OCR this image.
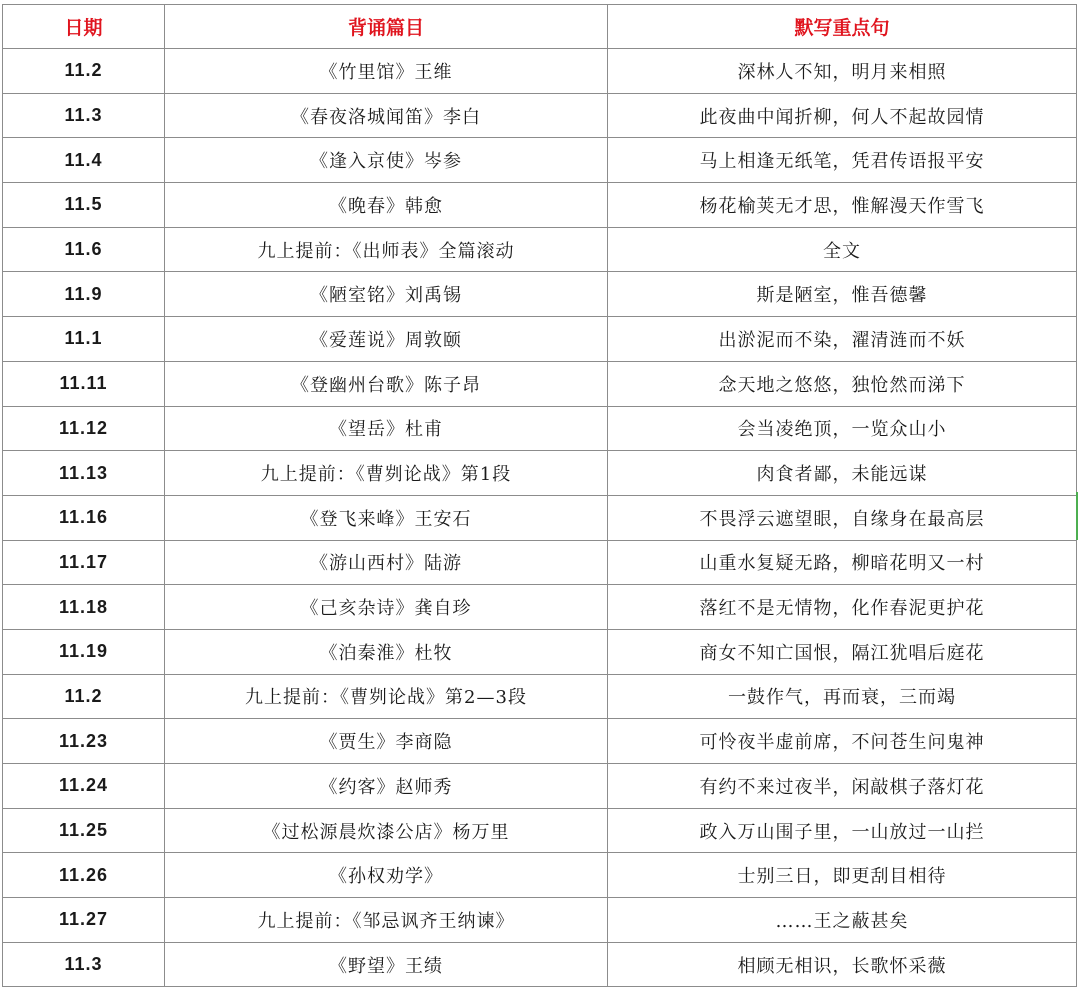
日期	背诵篇目	默写重点句
11.2	《竹里馆》王维	深林人不知，明月来相照
11.3	《春夜洛城闻笛》李白	此夜曲中闻折柳，何人不起故园情
11.4	《逢入京使》岑参	马上相逢无纸笔，凭君传语报平安
11.5	《晚春》韩愈	杨花榆荚无才思，惟解漫天作雪飞
11.6	九上提前：《出师表》全篇滚动	全文
11.9	《陋室铭》刘禹锡	斯是陋室，惟吾德馨
11.1	《爱莲说》周敦颐	出淤泥而不染，濯清涟而不妖
11.11	《登幽州台歌》陈子昂	念天地之悠悠，独怆然而涕下
11.12	《望岳》杜甫	会当凌绝顶，一览众山小
11.13	九上提前：《曹刿论战》第1段	肉食者鄙，未能远谋
11.16	《登飞来峰》王安石	不畏浮云遮望眼，自缘身在最高层
11.17	《游山西村》陆游	山重水复疑无路，柳暗花明又一村
11.18	《己亥杂诗》龚自珍	落红不是无情物，化作春泥更护花
11.19	《泊秦淮》杜牧	商女不知亡国恨，隔江犹唱后庭花
11.2	九上提前：《曹刿论战》第2—3段	一鼓作气，再而衰，三而竭
11.23	《贾生》李商隐	可怜夜半虚前席，不问苍生问鬼神
11.24	《约客》赵师秀	有约不来过夜半，闲敲棋子落灯花
11.25	《过松源晨炊漆公店》杨万里	政入万山围子里，一山放过一山拦
11.26	《孙权劝学》	士别三日，即更刮目相待
11.27	九上提前：《邹忌讽齐王纳谏》	……王之蔽甚矣
11.3	《野望》王绩	相顾无相识，长歌怀采薇
